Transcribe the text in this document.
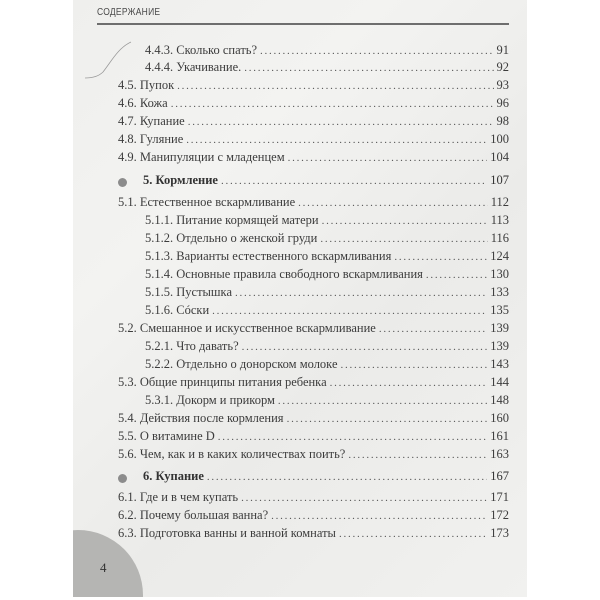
СОДЕРЖАНИЕ
4.4.3. Сколько спать? . . .	91
4.4.4. Укачивание. . . .	92
4.5. Пупок . . .	93
4.6. Кожа . . .	96
4.7. Купание . . .	98
4.8. Гуляние . . .	100
4.9. Манипуляции с младенцем . . .	104
5. Кормление . . .	107
5.1. Естественное вскармливание . . .	112
5.1.1. Питание кормящей матери . . .	113
5.1.2. Отдельно о женской груди . . .	116
5.1.3. Варианты естественного вскармливания . . .	124
5.1.4. Основные правила свободного вскармливания . . .	130
5.1.5. Пустышка . . .	133
5.1.6. Сóски . . .	135
5.2. Смешанное и искусственное вскармливание . . .	139
5.2.1. Что давать? . . .	139
5.2.2. Отдельно о донорском молоке . . .	143
5.3. Общие принципы питания ребенка . . .	144
5.3.1. Докорм и прикорм . . .	148
5.4. Действия после кормления . . .	160
5.5. О витамине D . . .	161
5.6. Чем, как и в каких количествах поить? . . .	163
6. Купание . . .	167
6.1. Где и в чем купать . . .	171
6.2. Почему большая ванна? . . .	172
6.3. Подготовка ванны и ванной комнаты . . .	173
4
